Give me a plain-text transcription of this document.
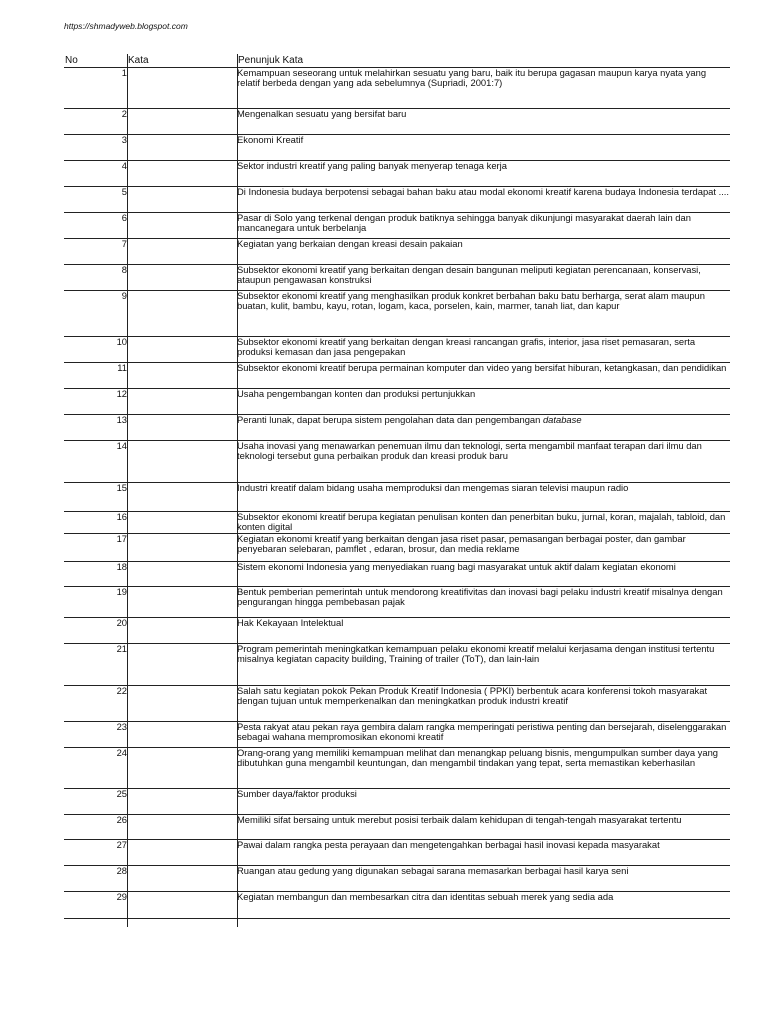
https://shmadyweb.blogspot.com
No	Kata	Penunjuk Kata
1		Kemampuan seseorang untuk melahirkan sesuatu yang baru, baik itu berupa gagasan maupun karya nyata yang relatif berbeda dengan yang ada sebelumnya (Supriadi, 2001:7)
2		Mengenalkan sesuatu yang bersifat baru
3		Ekonomi Kreatif
4		Sektor industri kreatif yang paling banyak menyerap tenaga kerja
5		Di Indonesia budaya berpotensi sebagai bahan baku atau modal ekonomi kreatif karena budaya Indonesia terdapat ....
6		Pasar di Solo yang terkenal dengan produk batiknya sehingga banyak dikunjungi masyarakat daerah lain dan mancanegara untuk berbelanja
7		Kegiatan yang berkaian dengan kreasi desain pakaian
8		Subsektor ekonomi kreatif yang berkaitan dengan desain bangunan meliputi kegiatan perencanaan, konservasi, ataupun pengawasan konstruksi
9		Subsektor ekonomi kreatif yang menghasilkan produk konkret berbahan baku batu berharga, serat alam maupun buatan, kulit, bambu, kayu, rotan, logam, kaca, porselen, kain, marmer, tanah liat, dan kapur
10		Subsektor ekonomi kreatif yang berkaitan dengan kreasi rancangan grafis, interior, jasa riset pemasaran, serta produksi kemasan dan jasa pengepakan
11		Subsektor ekonomi kreatif berupa permainan komputer dan video yang bersifat hiburan, ketangkasan, dan pendidikan
12		Usaha pengembangan konten dan produksi pertunjukkan
13		Peranti lunak, dapat berupa sistem pengolahan data dan pengembangan database
14		Usaha inovasi yang menawarkan penemuan ilmu dan teknologi, serta mengambil manfaat terapan dari ilmu dan teknologi tersebut guna perbaikan produk dan kreasi produk baru
15		Industri kreatif dalam bidang usaha memproduksi dan mengemas siaran televisi maupun radio
16		Subsektor ekonomi kreatif berupa kegiatan penulisan konten dan penerbitan buku, jurnal, koran, majalah, tabloid, dan konten digital
17		Kegiatan ekonomi kreatif yang berkaitan dengan jasa riset pasar, pemasangan berbagai poster, dan gambar penyebaran selebaran, pamflet , edaran, brosur, dan media reklame
18		Sistem ekonomi Indonesia yang menyediakan ruang bagi masyarakat untuk aktif dalam kegiatan ekonomi
19		Bentuk pemberian pemerintah untuk mendorong kreatifivitas dan inovasi bagi pelaku industri kreatif misalnya dengan pengurangan hingga pembebasan pajak
20		Hak Kekayaan Intelektual
21		Program pemerintah meningkatkan kemampuan pelaku ekonomi kreatif melalui kerjasama dengan institusi tertentu misalnya kegiatan capacity building, Training of trailer (ToT), dan lain-lain
22		Salah satu kegiatan pokok Pekan Produk Kreatif Indonesia ( PPKI) berbentuk acara konferensi tokoh masyarakat dengan tujuan untuk memperkenalkan dan meningkatkan produk industri kreatif
23		Pesta rakyat atau pekan raya gembira dalam rangka memperingati peristiwa penting dan bersejarah, diselenggarakan sebagai wahana mempromosikan ekonomi kreatif
24		Orang-orang yang memiliki kemampuan melihat dan menangkap peluang bisnis, mengumpulkan sumber daya yang dibutuhkan guna mengambil keuntungan, dan mengambil tindakan yang tepat, serta memastikan keberhasilan
25		Sumber daya/faktor produksi
26		Memiliki sifat bersaing untuk merebut posisi terbaik dalam kehidupan di tengah-tengah masyarakat tertentu
27		Pawai dalam rangka pesta perayaan dan mengetengahkan berbagai hasil inovasi kepada masyarakat
28		Ruangan atau gedung yang digunakan sebagai sarana memasarkan berbagai hasil karya seni
29		Kegiatan membangun dan membesarkan citra dan identitas sebuah merek yang sedia ada
